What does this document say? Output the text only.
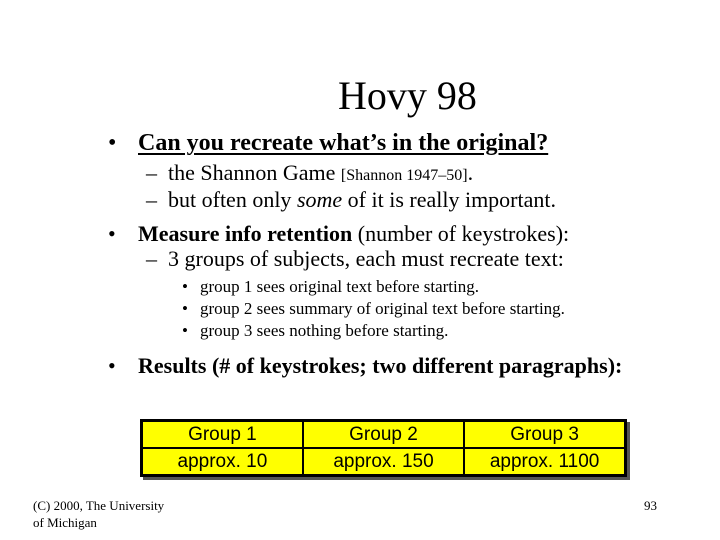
Hovy 98
• Can you recreate what’s in the original?
– the Shannon Game [Shannon 1947–50].
– but often only some of it is really important.
• Measure info retention (number of keystrokes):
– 3 groups of subjects, each must recreate text:
• group 1 sees original text before starting.
• group 2 sees summary of original text before starting.
• group 3 sees nothing before starting.
• Results (# of keystrokes; two different paragraphs):
Group 1	Group 2	Group 3
approx. 10	approx. 150	approx. 1100
(C) 2000, The University
of Michigan
93
